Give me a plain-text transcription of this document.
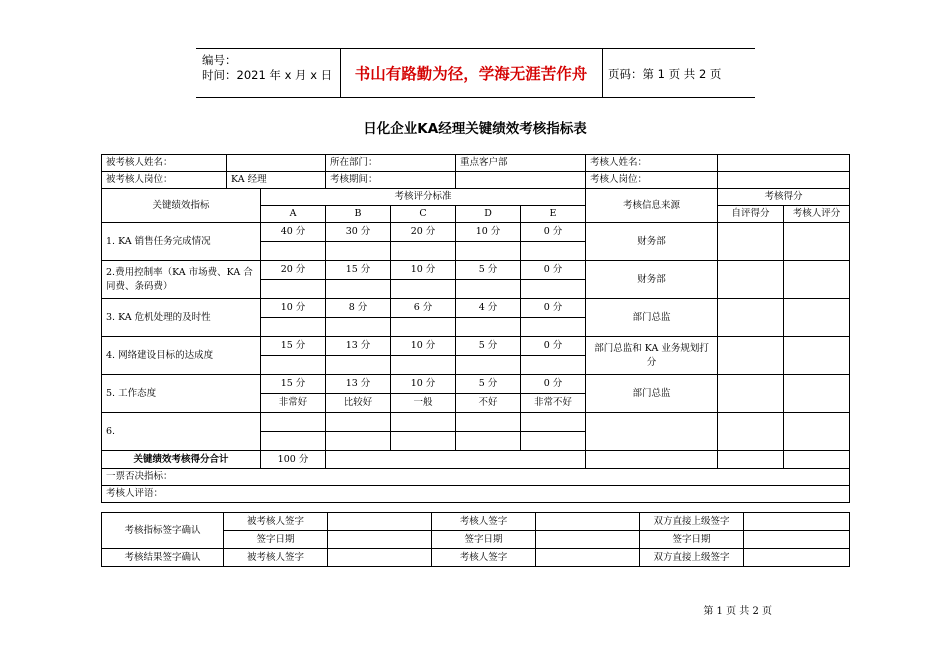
编号：
时间：2021 年 x 月 x 日	书山有路勤为径，学海无涯苦作舟	页码：第 1 页 共 2 页
日化企业KA经理关键绩效考核指标表
被考核人姓名：			所在部门：		重点客户部		考核人姓名：		
被考核人岗位：	KA 经理		考核期间：				考核人岗位：		
关键绩效指标		考核评分标准					考核信息来源	考核得分	
		A	B	C	D	E		自评得分	考核人评分
1. KA 销售任务完成情况		40 分	30 分	20 分	10 分	0 分	财务部		

2.费用控制率（KA 市场费、KA 合同费、条码费）		20 分	15 分	10 分	5 分	0 分	财务部		

3. KA 危机处理的及时性		10 分	8 分	6 分	4 分	0 分	部门总监		

4. 网络建设目标的达成度		15 分	13 分	10 分	5 分	0 分	部门总监和 KA 业务规划打分		

5. 工作态度		15 分	13 分	10 分	5 分	0 分	部门总监		
		非常好	比较好	一般	不好	非常不好			
6.									

关键绩效考核得分合计		100 分							
一票否决指标：									
考核人评语：									
考核指标签字确认	被考核人签字		考核人签字		双方直接上级签字	
	签字日期		签字日期		签字日期	
考核结果签字确认	被考核人签字		考核人签字		双方直接上级签字	
第 1 页 共 2 页
